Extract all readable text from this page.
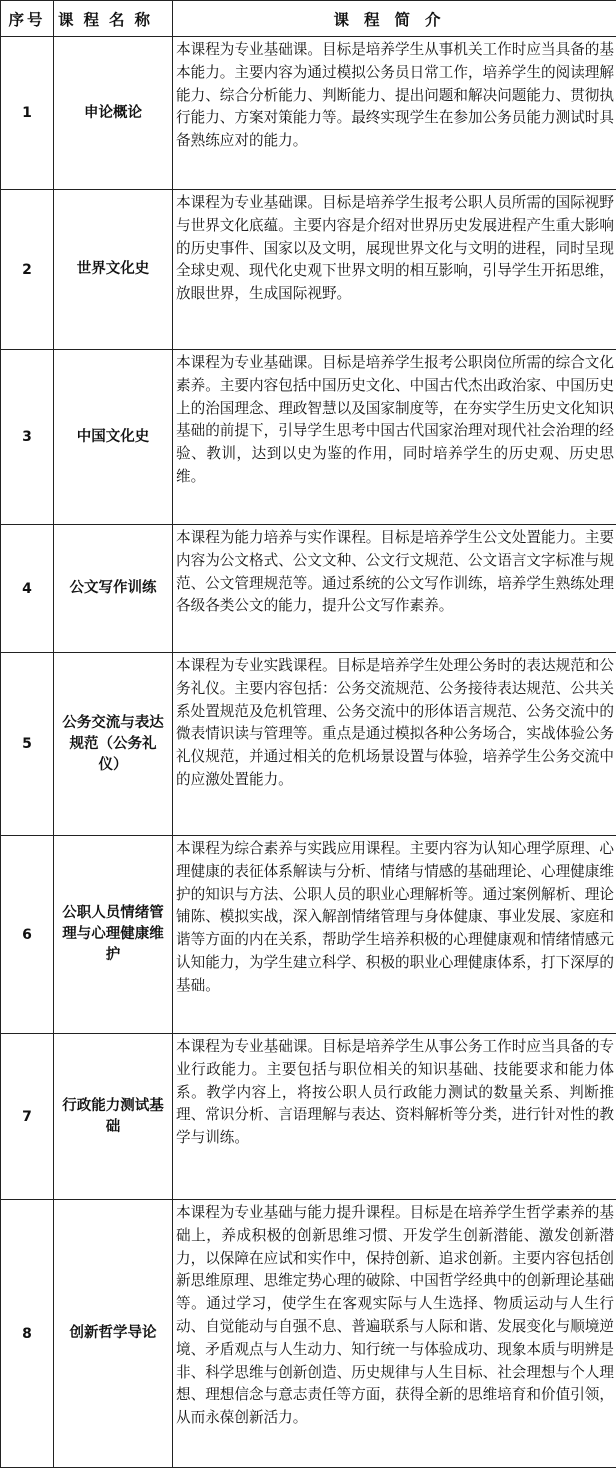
序号	课程名称	课程简介
1	申论概论	本课程为专业基础课。目标是培养学生从事机关工作时应当具备的基本能力。主要内容为通过模拟公务员日常工作，培养学生的阅读理解能力、综合分析能力、判断能力、提出问题和解决问题能力、贯彻执行能力、方案对策能力等。最终实现学生在参加公务员能力测试时具备熟练应对的能力。
2	世界文化史	本课程为专业基础课。目标是培养学生报考公职人员所需的国际视野与世界文化底蕴。主要内容是介绍对世界历史发展进程产生重大影响的历史事件、国家以及文明，展现世界文化与文明的进程，同时呈现全球史观、现代化史观下世界文明的相互影响，引导学生开拓思维，放眼世界，生成国际视野。
3	中国文化史	本课程为专业基础课。目标是培养学生报考公职岗位所需的综合文化素养。主要内容包括中国历史文化、中国古代杰出政治家、中国历史上的治国理念、理政智慧以及国家制度等，在夯实学生历史文化知识基础的前提下，引导学生思考中国古代国家治理对现代社会治理的经验、教训，达到以史为鉴的作用，同时培养学生的历史观、历史思维。
4	公文写作训练	本课程为能力培养与实作课程。目标是培养学生公文处置能力。主要内容为公文格式、公文文种、公文行文规范、公文语言文字标准与规范、公文管理规范等。通过系统的公文写作训练，培养学生熟练处理各级各类公文的能力，提升公文写作素养。
5	公务交流与表达规范（公务礼仪）	本课程为专业实践课程。目标是培养学生处理公务时的表达规范和公务礼仪。主要内容包括：公务交流规范、公务接待表达规范、公共关系处置规范及危机管理、公务交流中的形体语言规范、公务交流中的微表情识读与管理等。重点是通过模拟各种公务场合，实战体验公务礼仪规范，并通过相关的危机场景设置与体验，培养学生公务交流中的应激处置能力。
6	公职人员情绪管理与心理健康维护	本课程为综合素养与实践应用课程。主要内容为认知心理学原理、心理健康的表征体系解读与分析、情绪与情感的基础理论、心理健康维护的知识与方法、公职人员的职业心理解析等。通过案例解析、理论铺陈、模拟实战，深入解剖情绪管理与身体健康、事业发展、家庭和谐等方面的内在关系，帮助学生培养积极的心理健康观和情绪情感元认知能力，为学生建立科学、积极的职业心理健康体系，打下深厚的基础。
7	行政能力测试基础	本课程为专业基础课。目标是培养学生从事公务工作时应当具备的专业行政能力。主要包括与职位相关的知识基础、技能要求和能力体系。教学内容上，将按公职人员行政能力测试的数量关系、判断推理、常识分析、言语理解与表达、资料解析等分类，进行针对性的教学与训练。
8	创新哲学导论	本课程为专业基础与能力提升课程。目标是在培养学生哲学素养的基础上，养成积极的创新思维习惯、开发学生创新潜能、激发创新潜力，以保障在应试和实作中，保持创新、追求创新。主要内容包括创新思维原理、思维定势心理的破除、中国哲学经典中的创新理论基础等。通过学习，使学生在客观实际与人生选择、物质运动与人生行动、自觉能动与自强不息、普遍联系与人际和谐、发展变化与顺境逆境、矛盾观点与人生动力、知行统一与体验成功、现象本质与明辨是非、科学思维与创新创造、历史规律与人生目标、社会理想与个人理想、理想信念与意志责任等方面，获得全新的思维培育和价值引领，从而永葆创新活力。
